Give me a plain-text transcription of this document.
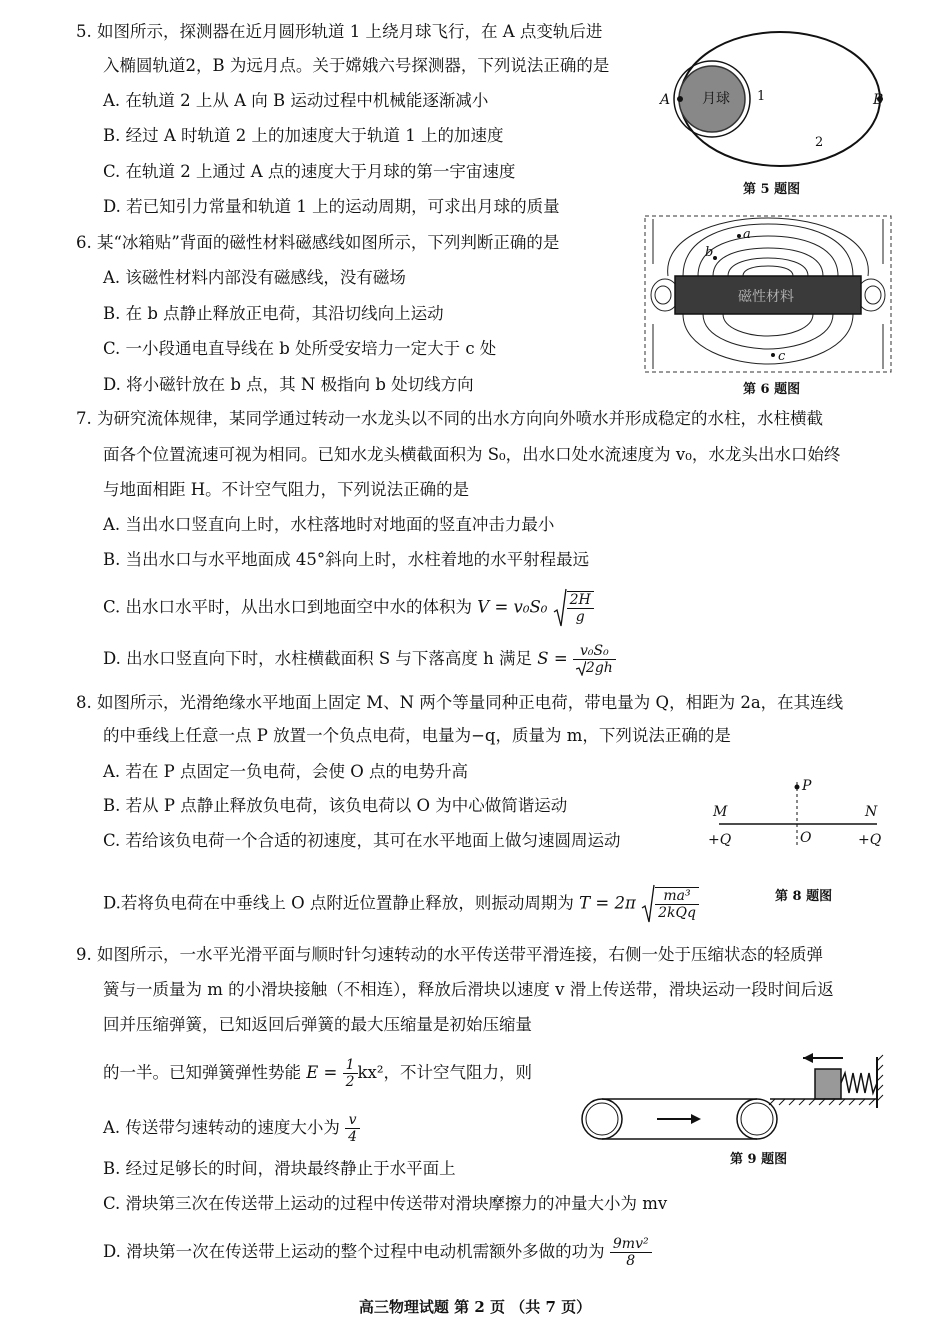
5. 如图所示，探测器在近月圆形轨道 1 上绕月球飞行，在 A 点变轨后进
入椭圆轨道2，B 为远月点。关于嫦娥六号探测器，下列说法正确的是
A. 在轨道 2 上从 A 向 B 运动过程中机械能逐渐减小
B. 经过 A 时轨道 2 上的加速度大于轨道 1 上的加速度
C. 在轨道 2 上通过 A 点的速度大于月球的第一宇宙速度
D. 若已知引力常量和轨道 1 上的运动周期，可求出月球的质量
月球
A	B
1
2
第 5 题图
6. 某“冰箱贴”背面的磁性材料磁感线如图所示，下列判断正确的是
A. 该磁性材料内部没有磁感线，没有磁场
B. 在 b 点静止释放正电荷，其沿切线向上运动
C. 一小段通电直导线在 b 处所受安培力一定大于 c 处
D. 将小磁针放在 b 点，其 N 极指向 b 处切线方向
磁性材料
a
b
c
第 6 题图
7. 为研究流体规律，某同学通过转动一水龙头以不同的出水方向向外喷水并形成稳定的水柱，水柱横截
面各个位置流速可视为相同。已知水龙头横截面积为 S₀，出水口处水流速度为 v₀，水龙头出水口始终
与地面相距 H。不计空气阻力，下列说法正确的是
A. 当出水口竖直向上时，水柱落地时对地面的竖直冲击力最小
B. 当出水口与水平地面成 45°斜向上时，水柱着地的水平射程最远
C. 出水口水平时，从出水口到地面空中水的体积为 $V = v_0S_0 \frac{2H}{g}$
D. 出水口竖直向下时，水柱横截面积 S 与下落高度 h 满足 $S = \frac{\text{v₀S₀}}{2gh}$
8. 如图所示，光滑绝缘水平地面上固定 M、N 两个等量同种正电荷，带电量为 Q，相距为 2a，在其连线
的中垂线上任意一点 P 放置一个负点电荷，电量为−q，质量为 m，下列说法正确的是
A. 若在 P 点固定一负电荷，会使 O 点的电势升高
B. 若从 P 点静止释放负电荷，该负电荷以 O 为中心做简谐运动
C. 若给该负电荷一个合适的初速度，其可在水平地面上做匀速圆周运动
D.若将负电荷在中垂线上 O 点附近位置静止释放，则振动周期为 $T = 2\pi \frac{\text{ma³}}{\text{2kQq}}$
P
M	N
O
+Q	+Q
第 8 题图
9. 如图所示，一水平光滑平面与顺时针匀速转动的水平传送带平滑连接，右侧一处于压缩状态的轻质弹
簧与一质量为 m 的小滑块接触（不相连），释放后滑块以速度 v 滑上传送带，滑块运动一段时间后返
回并压缩弹簧，已知返回后弹簧的最大压缩量是初始压缩量
的一半。已知弹簧弹性势能 $E = \frac{1}{2} kx^2$，不计空气阻力，则
A. 传送带匀速转动的速度大小为 $\frac{v}{4}$
B. 经过足够长的时间，滑块最终静止于水平面上
C. 滑块第三次在传送带上运动的过程中传送带对滑块摩擦力的冲量大小为 mv
D. 滑块第一次在传送带上运动的整个过程中电动机需额外多做的功为 $\frac{\text{9mv²}}{8}$
第 9 题图
高三物理试题 第 2 页 （共 7 页）
